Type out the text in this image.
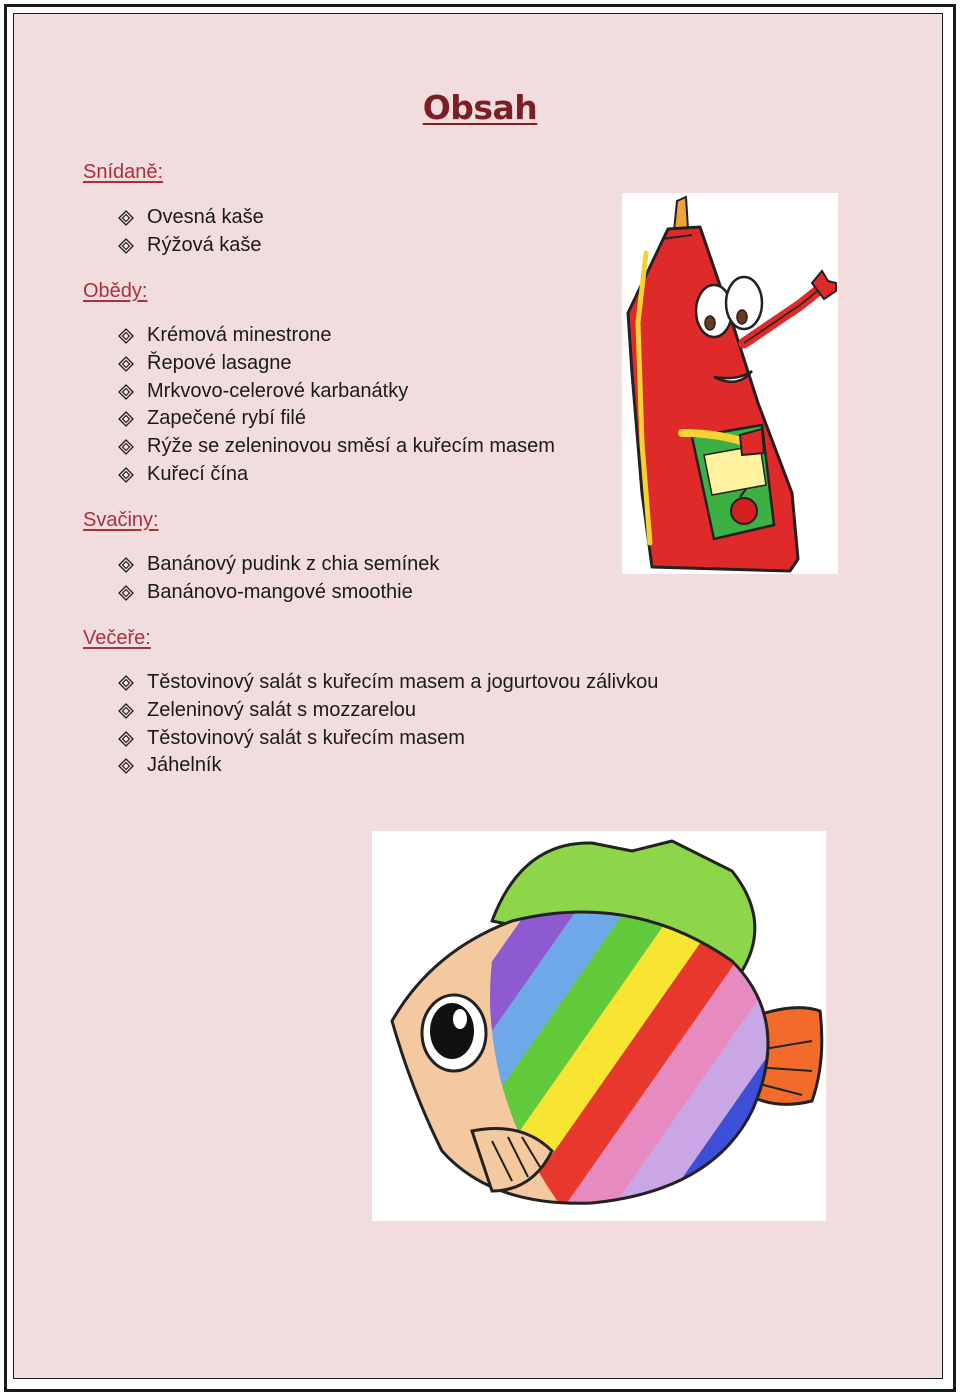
Obsah
Snídaně:
Ovesná kaše
Rýžová kaše
Obědy:
Krémová minestrone
Řepové lasagne
Mrkvovo-celerové karbanátky
Zapečené rybí filé
Rýže se zeleninovou směsí a kuřecím masem
Kuřecí čína
Svačiny:
Banánový pudink z chia semínek
Banánovo-mangové smoothie
Večeře:
Těstovinový salát s kuřecím masem a jogurtovou zálivkou
Zeleninový salát s mozzarelou
Těstovinový salát s kuřecím masem
Jáhelník
